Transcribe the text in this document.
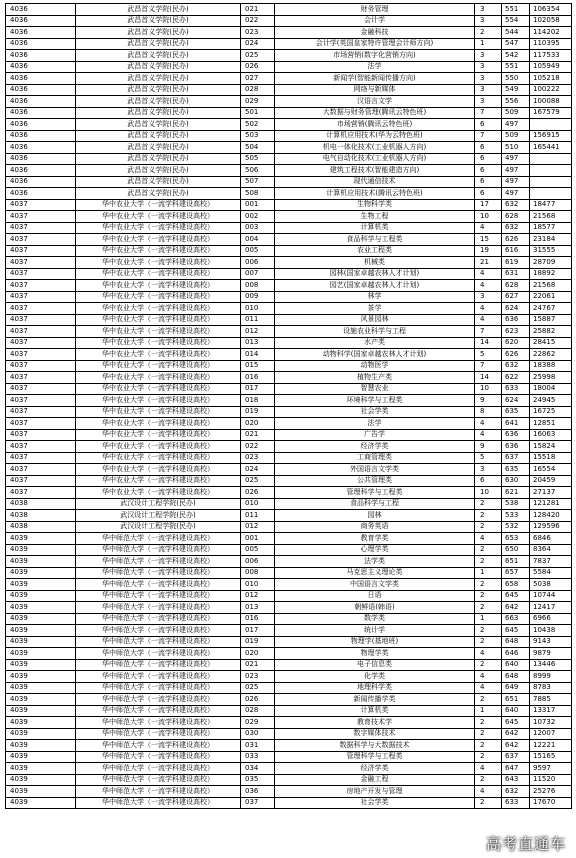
4036	武昌首义学院(民办)	021	财务管理	3	551	106354
4036	武昌首义学院(民办)	022	会计学	3	554	102058
4036	武昌首义学院(民办)	023	金融科技	2	544	114202
4036	武昌首义学院(民办)	024	会计学(英国皇家特许管理会计师方向)	1	547	110395
4036	武昌首义学院(民办)	025	市场营销(数字化营销方向)	3	542	117533
4036	武昌首义学院(民办)	026	法学	3	551	105949
4036	武昌首义学院(民办)	027	新闻学(智能新闻传播方向)	3	550	105218
4036	武昌首义学院(民办)	028	网络与新媒体	3	549	100222
4036	武昌首义学院(民办)	029	汉语言文学	3	556	100088
4036	武昌首义学院(民办)	501	大数据与财务管理(腾讯云特色班)	7	509	167579
4036	武昌首义学院(民办)	502	市场营销(腾讯云特色班)	6	497	
4036	武昌首义学院(民办)	503	计算机应用技术(华为云特色班)	7	509	156915
4036	武昌首义学院(民办)	504	机电一体化技术(工业机器人方向)	6	510	165441
4036	武昌首义学院(民办)	505	电气自动化技术(工业机器人方向)	6	497	
4036	武昌首义学院(民办)	506	建筑工程技术(智能建造方向)	6	497	
4036	武昌首义学院(民办)	507	现代通信技术	6	497	
4036	武昌首义学院(民办)	508	计算机应用技术(腾讯云特色班)	6	497	
4037	华中农业大学（一流学科建设高校）	001	生物科学类	17	632	18477
4037	华中农业大学（一流学科建设高校）	002	生物工程	10	628	21568
4037	华中农业大学（一流学科建设高校）	003	计算机类	4	632	18577
4037	华中农业大学（一流学科建设高校）	004	食品科学与工程类	15	626	23184
4037	华中农业大学（一流学科建设高校）	005	农业工程类	19	616	31555
4037	华中农业大学（一流学科建设高校）	006	机械类	21	619	28709
4037	华中农业大学（一流学科建设高校）	007	园林(国家卓越农林人才计划)	4	631	18892
4037	华中农业大学（一流学科建设高校）	008	园艺(国家卓越农林人才计划)	4	628	21568
4037	华中农业大学（一流学科建设高校）	009	林学	3	627	22061
4037	华中农业大学（一流学科建设高校）	010	茶学	4	624	24767
4037	华中农业大学（一流学科建设高校）	011	风景园林	4	636	15887
4037	华中农业大学（一流学科建设高校）	012	设施农业科学与工程	7	623	25882
4037	华中农业大学（一流学科建设高校）	013	水产类	14	620	28415
4037	华中农业大学（一流学科建设高校）	014	动物科学(国家卓越农林人才计划)	5	626	22862
4037	华中农业大学（一流学科建设高校）	015	动物医学	7	632	18388
4037	华中农业大学（一流学科建设高校）	016	植物生产类	14	622	25998
4037	华中农业大学（一流学科建设高校）	017	智慧农业	10	633	18004
4037	华中农业大学（一流学科建设高校）	018	环境科学与工程类	9	624	24945
4037	华中农业大学（一流学科建设高校）	019	社会学类	8	635	16725
4037	华中农业大学（一流学科建设高校）	020	法学	4	641	12851
4037	华中农业大学（一流学科建设高校）	021	广告学	4	636	16063
4037	华中农业大学（一流学科建设高校）	022	经济学类	9	636	15824
4037	华中农业大学（一流学科建设高校）	023	工商管理类	5	637	15518
4037	华中农业大学（一流学科建设高校）	024	外国语言文学类	3	635	16554
4037	华中农业大学（一流学科建设高校）	025	公共管理类	6	630	20459
4037	华中农业大学（一流学科建设高校）	026	管理科学与工程类	10	621	27137
4038	武汉设计工程学院(民办)	010	食品科学与工程	2	538	121281
4038	武汉设计工程学院(民办)	011	园林	2	533	128420
4038	武汉设计工程学院(民办)	012	商务英语	2	532	129596
4039	华中师范大学（一流学科建设高校）	001	教育学类	4	653	6846
4039	华中师范大学（一流学科建设高校）	005	心理学类	2	650	8364
4039	华中师范大学（一流学科建设高校）	006	法学类	2	651	7837
4039	华中师范大学（一流学科建设高校）	008	马克思主义理论类	1	657	5584
4039	华中师范大学（一流学科建设高校）	010	中国语言文学类	2	658	5038
4039	华中师范大学（一流学科建设高校）	012	日语	2	645	10744
4039	华中师范大学（一流学科建设高校）	013	朝鲜语(韩语)	2	642	12417
4039	华中师范大学（一流学科建设高校）	016	数学类	1	663	6966
4039	华中师范大学（一流学科建设高校）	017	统计学	2	645	10438
4039	华中师范大学（一流学科建设高校）	019	物理学(基地班)	2	648	9143
4039	华中师范大学（一流学科建设高校）	020	物理学类	4	646	9879
4039	华中师范大学（一流学科建设高校）	021	电子信息类	2	640	13446
4039	华中师范大学（一流学科建设高校）	023	化学类	4	648	8999
4039	华中师范大学（一流学科建设高校）	025	地理科学类	4	649	8783
4039	华中师范大学（一流学科建设高校）	026	新闻传播学类	2	651	7885
4039	华中师范大学（一流学科建设高校）	028	计算机类	1	640	13317
4039	华中师范大学（一流学科建设高校）	029	教育技术学	2	645	10732
4039	华中师范大学（一流学科建设高校）	030	数字媒体技术	2	642	12007
4039	华中师范大学（一流学科建设高校）	031	数据科学与大数据技术	2	642	12221
4039	华中师范大学（一流学科建设高校）	033	管理科学与工程类	2	637	15165
4039	华中师范大学（一流学科建设高校）	034	经济学类	4	647	9597
4039	华中师范大学（一流学科建设高校）	035	金融工程	2	643	11520
4039	华中师范大学（一流学科建设高校）	036	房地产开发与管理	4	632	25276
4039	华中师范大学（一流学科建设高校）	037	社会学类	2	633	17670
高考直通车
